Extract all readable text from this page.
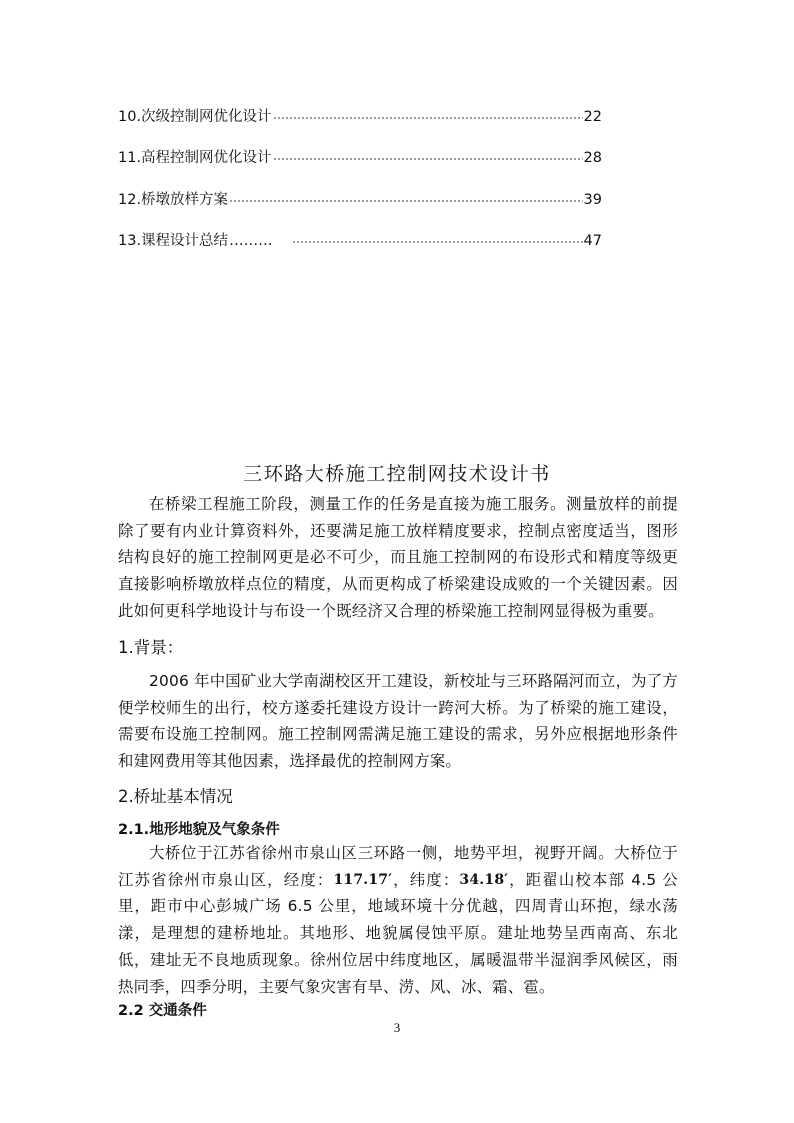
10.次级控制网优化设计	22
11.高程控制网优化设计	28
12.桥墩放样方案	39
13.课程设计总结 ………	47
三环路大桥施工控制网技术设计书

在桥梁工程施工阶段，测量工作的任务是直接为施工服务。测量放样的前提除了要有内业计算资料外，还要满足施工放样精度要求，控制点密度适当，图形结构良好的施工控制网更是必不可少，而且施工控制网的布设形式和精度等级更直接影响桥墩放样点位的精度，从而更构成了桥梁建设成败的一个关键因素。因此如何更科学地设计与布设一个既经济又合理的桥梁施工控制网显得极为重要。

1.背景：

2006 年中国矿业大学南湖校区开工建设，新校址与三环路隔河而立，为了方便学校师生的出行，校方遂委托建设方设计一跨河大桥。为了桥梁的施工建设，需要布设施工控制网。施工控制网需满足施工建设的需求，另外应根据地形条件和建网费用等其他因素，选择最优的控制网方案。

2.桥址基本情况
2.1.地形地貌及气象条件

大桥位于江苏省徐州市泉山区三环路一侧，地势平坦，视野开阔。大桥位于江苏省徐州市泉山区，经度：117.17′，纬度：34.18′，距翟山校本部 4.5 公里，距市中心彭城广场 6.5 公里，地域环境十分优越，四周青山环抱，绿水荡漾，是理想的建桥地址。其地形、地貌属侵蚀平原。建址地势呈西南高、东北低，建址无不良地质现象。徐州位居中纬度地区，属暖温带半湿润季风候区，雨热同季，四季分明，主要气象灾害有旱、涝、风、冰、霜、雹。

2.2 交通条件
3
